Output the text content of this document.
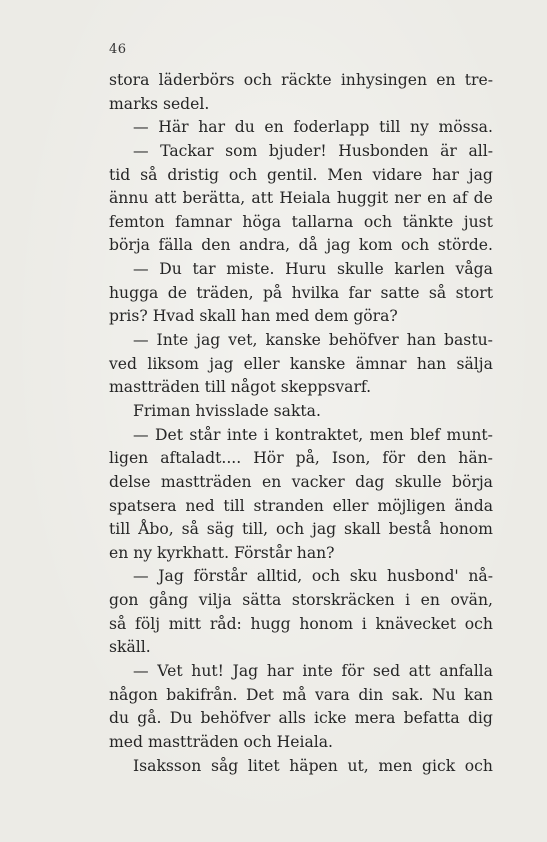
46
stora läderbörs och räckte inhysingen en tre-
marks sedel.
— Här har du en foderlapp till ny mössa.
— Tackar som bjuder! Husbonden är all-
tid så dristig och gentil. Men vidare har jag
ännu att berätta, att Heiala huggit ner en af de
femton famnar höga tallarna och tänkte just
börja fälla den andra, då jag kom och störde.
— Du tar miste. Huru skulle karlen våga
hugga de träden, på hvilka far satte så stort
pris? Hvad skall han med dem göra?
— Inte jag vet, kanske behöfver han bastu-
ved liksom jag eller kanske ämnar han sälja
mastträden till något skeppsvarf.
Friman hvisslade sakta.
— Det står inte i kontraktet, men blef munt-
ligen aftaladt.... Hör på, Ison, för den hän-
delse mastträden en vacker dag skulle börja
spatsera ned till stranden eller möjligen ända
till Åbo, så säg till, och jag skall bestå honom
en ny kyrkhatt. Förstår han?
— Jag förstår alltid, och sku husbond' nå-
gon gång vilja sätta storskräcken i en ovän,
så följ mitt råd: hugg honom i knävecket och
skäll.
— Vet hut! Jag har inte för sed att anfalla
någon bakifrån. Det må vara din sak. Nu kan
du gå. Du behöfver alls icke mera befatta dig
med mastträden och Heiala.
Isaksson såg litet häpen ut, men gick och
